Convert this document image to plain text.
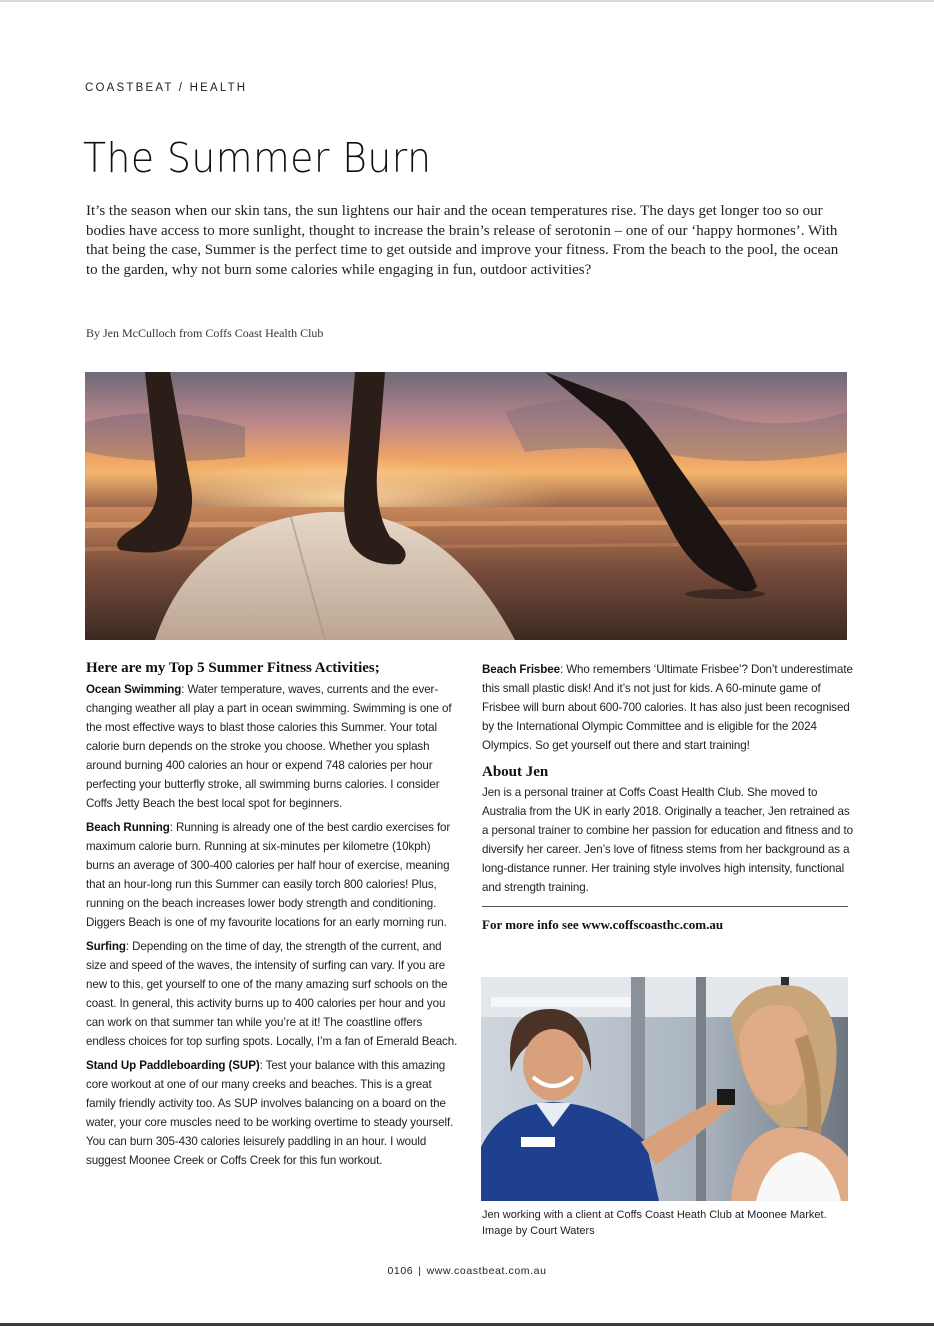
COASTBEAT / HEALTH
The Summer Burn

It’s the season when our skin tans, the sun lightens our hair and the ocean temperatures rise. The days get longer too so our bodies have access to more sunlight, thought to increase the brain’s release of serotonin – one of our ‘happy hormones’. With that being the case, Summer is the perfect time to get outside and improve your fitness. From the beach to the pool, the ocean to the garden, why not burn some calories while engaging in fun, outdoor activities?

By Jen McCulloch from Coffs Coast Health Club
Here are my Top 5 Summer Fitness Activities;

Ocean Swimming: Water temperature, waves, currents and the ever-changing weather all play a part in ocean swimming. Swimming is one of the most effective ways to blast those calories this Summer. Your total calorie burn depends on the stroke you choose. Whether you splash around burning 400 calories an hour or expend 748 calories per hour perfecting your butterfly stroke, all swimming burns calories. I consider Coffs Jetty Beach the best local spot for beginners.

Beach Running: Running is already one of the best cardio exercises for maximum calorie burn. Running at six-minutes per kilometre (10kph) burns an average of 300-400 calories per half hour of exercise, meaning that an hour-long run this Summer can easily torch 800 calories! Plus, running on the beach increases lower body strength and conditioning. Diggers Beach is one of my favourite locations for an early morning run.

Surfing: Depending on the time of day, the strength of the current, and size and speed of the waves, the intensity of surfing can vary. If you are new to this, get yourself to one of the many amazing surf schools on the coast. In general, this activity burns up to 400 calories per hour and you can work on that summer tan while you’re at it! The coastline offers endless choices for top surfing spots. Locally, I’m a fan of Emerald Beach.

Stand Up Paddleboarding (SUP): Test your balance with this amazing core workout at one of our many creeks and beaches. This is a great family friendly activity too. As SUP involves balancing on a board on the water, your core muscles need to be working overtime to steady yourself. You can burn 305-430 calories leisurely paddling in an hour. I would suggest Moonee Creek or Coffs Creek for this fun workout.

Beach Frisbee: Who remembers ‘Ultimate Frisbee’? Don’t underestimate this small plastic disk! And it’s not just for kids. A 60-minute game of Frisbee will burn about 600-700 calories. It has also just been recognised by the International Olympic Committee and is eligible for the 2024 Olympics. So get yourself out there and start training!

About Jen

Jen is a personal trainer at Coffs Coast Health Club. She moved to Australia from the UK in early 2018. Originally a teacher, Jen retrained as a personal trainer to combine her passion for education and fitness and to diversify her career. Jen’s love of fitness stems from her background as a long-distance runner. Her training style involves high intensity, functional and strength training.

For more info see www.coffscoasthc.com.au

Jen working with a client at Coffs Coast Heath Club at Moonee Market.
Image by Court Waters
0106 | www.coastbeat.com.au
